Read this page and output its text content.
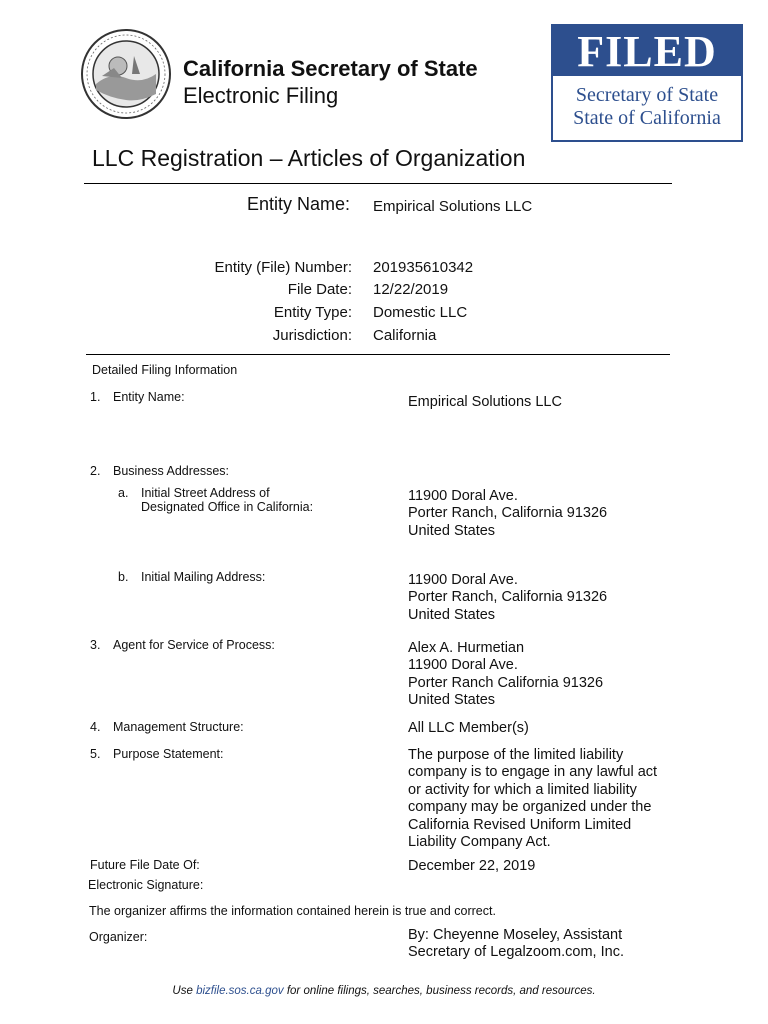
California Secretary of State
Electronic Filing
FILED
Secretary of State
State of California
LLC Registration – Articles of Organization
Entity Name: Empirical Solutions LLC
Entity (File) Number: 201935610342
File Date: 12/22/2019
Entity Type: Domestic LLC
Jurisdiction: California
Detailed Filing Information
1. Entity Name:	Empirical Solutions LLC
2. Business Addresses:
a. Initial Street Address of
Designated Office in California:
11900 Doral Ave.
Porter Ranch, California 91326
United States
b. Initial Mailing Address:	11900 Doral Ave.
Porter Ranch, California 91326
United States
3. Agent for Service of Process:	Alex A. Hurmetian
11900 Doral Ave.
Porter Ranch California 91326
United States
4. Management Structure:	All LLC Member(s)
5. Purpose Statement:	The purpose of the limited liability
company is to engage in any lawful act
or activity for which a limited liability
company may be organized under the
California Revised Uniform Limited
Liability Company Act.
Future File Date Of:	December 22, 2019
Electronic Signature:
The organizer affirms the information contained herein is true and correct.
Organizer:	By: Cheyenne Moseley, Assistant
Secretary of Legalzoom.com, Inc.
Use bizfile.sos.ca.gov for online filings, searches, business records, and resources.
